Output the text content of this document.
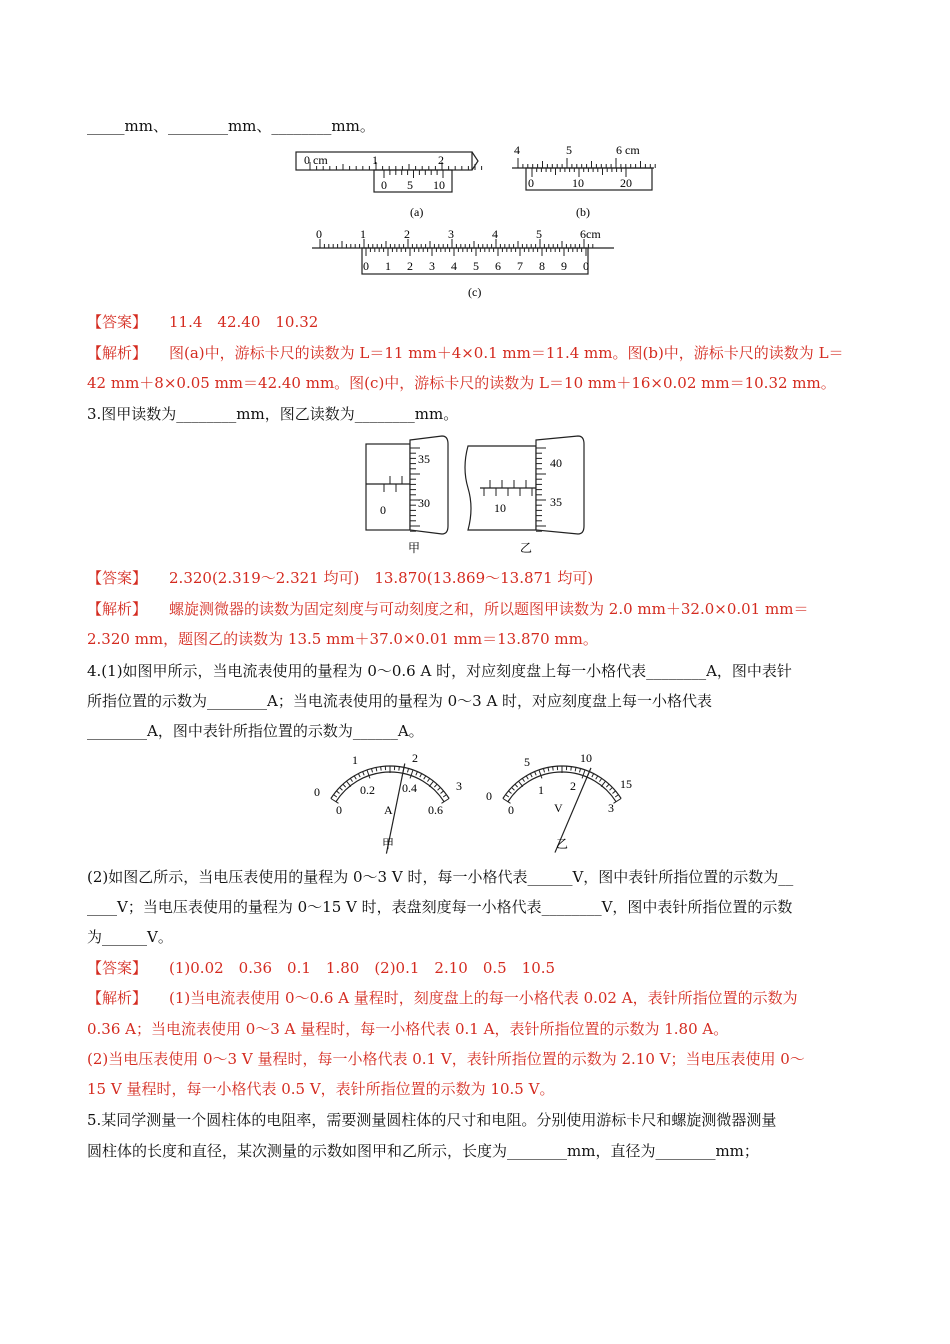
_____mm、________mm、________mm。
0 cm	1	2
0 5 10
(a)
4	5	6 cm
0	10	20
(b)
0	1	2	3	4	5	6cm
0 1 2 3 4 5 6 7 8 9 0
(c)
【答案】 11.4　42.40　10.32
【解析】 图(a)中，游标卡尺的读数为 L＝11 mm＋4×0.1 mm＝11.4 mm。图(b)中，游标卡尺的读数为 L＝
42 mm＋8×0.05 mm＝42.40 mm。图(c)中，游标卡尺的读数为 L＝10 mm＋16×0.02 mm＝10.32 mm。
3.图甲读数为________mm，图乙读数为________mm。
0
35
30
甲
10
40
35
乙
【答案】 2.320(2.319～2.321 均可)　13.870(13.869～13.871 均可)
【解析】 螺旋测微器的读数为固定刻度与可动刻度之和，所以题图甲读数为 2.0 mm＋32.0×0.01 mm＝
2.320 mm，题图乙的读数为 13.5 mm＋37.0×0.01 mm＝13.870 mm。
4.(1)如图甲所示，当电流表使用的量程为 0～0.6 A 时，对应刻度盘上每一小格代表________A，图中表针
所指位置的示数为________A；当电流表使用的量程为 0～3 A 时，对应刻度盘上每一小格代表
________A，图中表针所指位置的示数为______A。
0
1	2
3
0
0.2 0.4
0.6
A
甲
0
5	10
15
0
1 2
3
V
乙
(2)如图乙所示，当电压表使用的量程为 0～3 V 时，每一小格代表______V，图中表针所指位置的示数为__
____V；当电压表使用的量程为 0～15 V 时，表盘刻度每一小格代表________V，图中表针所指位置的示数
为______V。
【答案】 (1)0.02　0.36　0.1　1.80　(2)0.1　2.10　0.5　10.5
【解析】 (1)当电流表使用 0～0.6 A 量程时，刻度盘上的每一小格代表 0.02 A，表针所指位置的示数为
0.36 A；当电流表使用 0～3 A 量程时，每一小格代表 0.1 A，表针所指位置的示数为 1.80 A。
(2)当电压表使用 0～3 V 量程时，每一小格代表 0.1 V，表针所指位置的示数为 2.10 V；当电压表使用 0～
15 V 量程时，每一小格代表 0.5 V，表针所指位置的示数为 10.5 V。
5.某同学测量一个圆柱体的电阻率，需要测量圆柱体的尺寸和电阻。分别使用游标卡尺和螺旋测微器测量
圆柱体的长度和直径，某次测量的示数如图甲和乙所示，长度为________mm，直径为________mm；
